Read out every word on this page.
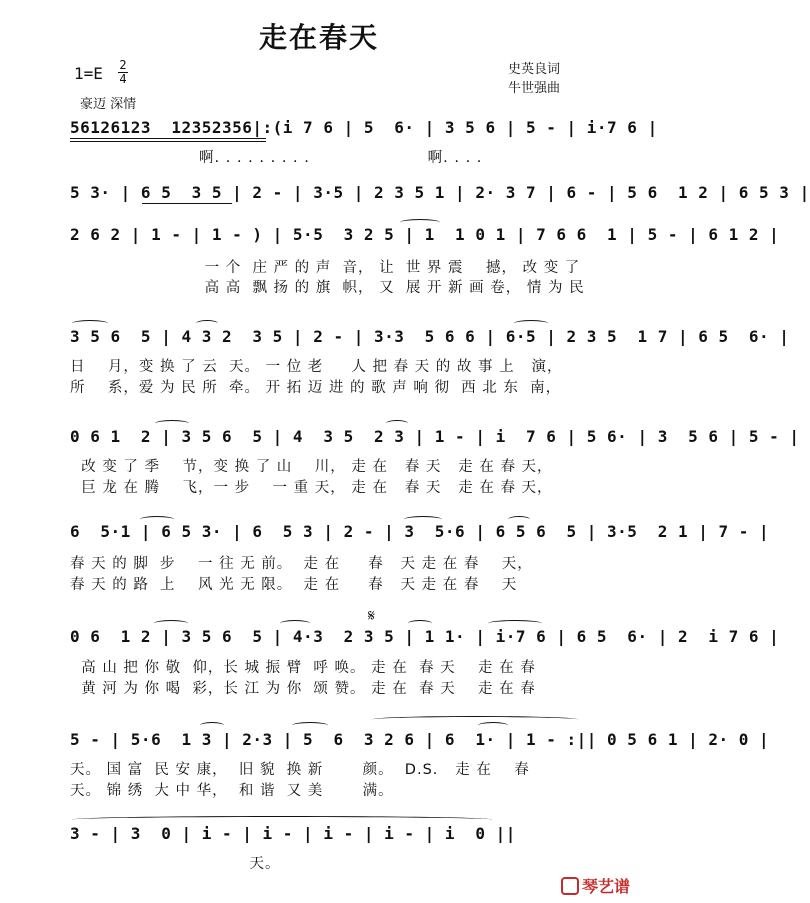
走在春天
1=E 2
4
豪迈 深情
史英良词
牛世强曲
56126123  12352356|:(i 7 6 | 5  6· | 3 5 6 | 5 - | i·7 6 |
啊. . . . . . . . .                     啊. . . .
5 3· | 6 5  3 5 | 2 - | 3·5 | 2 3 5 1 | 2· 3 7 | 6 - | 5 6  1 2 | 6 5 3 |
2 6 2 | 1 - | 1 - ) | 5·5  3 2 5 | 1  1 0 1 | 7 6 6  1 | 5 - | 6 1 2 |
一 个  庄 严 的 声  音， 让  世 界 震    撼， 改 变 了
高 高  飘 扬 的 旗  帜， 又  展 开 新 画 卷， 情 为 民
3 5 6  5 | 4 3 2  3 5 | 2 - | 3·3  5 6 6 | 6·5 | 2 3 5  1 7 | 6 5  6· |
日    月，变 换 了 云  天。 一 位 老     人 把 春 天 的 故 事 上   演，
所    系，爱 为 民 所  牵。 开 拓 迈 进 的 歌 声 响 彻  西 北 东  南，
0 6 1  2 | 3 5 6  5 | 4  3 5  2 3 | 1 - | i  7 6 | 5 6· | 3  5 6 | 5 - |
改 变 了 季    节，变 换 了 山    川， 走 在   春 天   走 在 春 天，
巨 龙 在 腾    飞，一 步    一 重 天， 走 在   春 天   走 在 春 天，
6  5·1 | 6 5 3· | 6  5 3 | 2 - | 3  5·6 | 6 5 6  5 | 3·5  2 1 | 7 - |
春 天 的 脚  步    一 往 无 前。  走 在     春   天 走 在 春    天，
春 天 的 路  上    风 光 无 限。  走 在     春   天 走 在 春    天
0 6  1 2 | 3 5 6  5 | 4·3  2 3 5 | 1 1· | i·7 6 | 6 5  6· | 2  i 7 6 |
𝄋
高 山 把 你 敬  仰，长 城 振 臂  呼 唤。 走 在  春 天    走 在 春
黄 河 为 你 喝  彩，长 江 为 你  颂 赞。 走 在  春 天    走 在 春
5 - | 5·6  1 3 | 2·3 | 5  6  3 2 6 | 6  1· | 1 - :|| 0 5 6 1 | 2· 0 |
天。 国 富  民 安 康，  旧 貌  换 新       颜。  D.S.   走 在    春
天。 锦 绣  大 中 华，  和 谐  又 美       满。
3 - | 3  0 | i - | i - | i - | i - | i  0 ||
天。
琴艺谱
